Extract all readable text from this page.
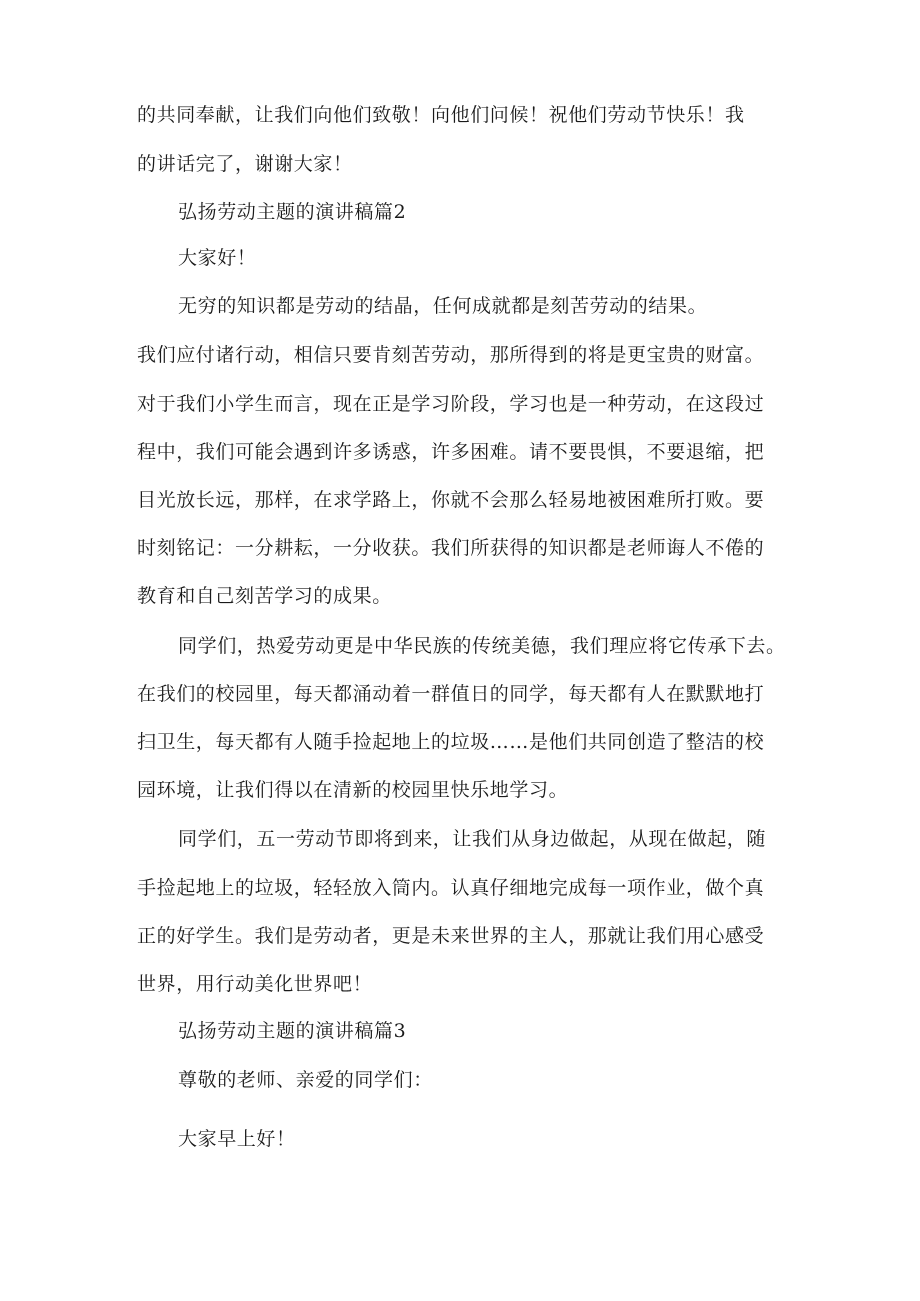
的共同奉献，让我们向他们致敬！向他们问候！祝他们劳动节快乐！我
的讲话完了，谢谢大家！
弘扬劳动主题的演讲稿篇2
大家好！
无穷的知识都是劳动的结晶，任何成就都是刻苦劳动的结果。
我们应付诸行动，相信只要肯刻苦劳动，那所得到的将是更宝贵的财富。
对于我们小学生而言，现在正是学习阶段，学习也是一种劳动，在这段过
程中，我们可能会遇到许多诱惑，许多困难。请不要畏惧，不要退缩，把
目光放长远，那样，在求学路上，你就不会那么轻易地被困难所打败。要
时刻铭记：一分耕耘，一分收获。我们所获得的知识都是老师诲人不倦的
教育和自己刻苦学习的成果。
同学们，热爱劳动更是中华民族的传统美德，我们理应将它传承下去。
在我们的校园里，每天都涌动着一群值日的同学，每天都有人在默默地打
扫卫生，每天都有人随手捡起地上的垃圾……是他们共同创造了整洁的校
园环境，让我们得以在清新的校园里快乐地学习。
同学们，五一劳动节即将到来，让我们从身边做起，从现在做起，随
手捡起地上的垃圾，轻轻放入筒内。认真仔细地完成每一项作业，做个真
正的好学生。我们是劳动者，更是未来世界的主人，那就让我们用心感受
世界，用行动美化世界吧！
弘扬劳动主题的演讲稿篇3
尊敬的老师、亲爱的同学们：
大家早上好！
